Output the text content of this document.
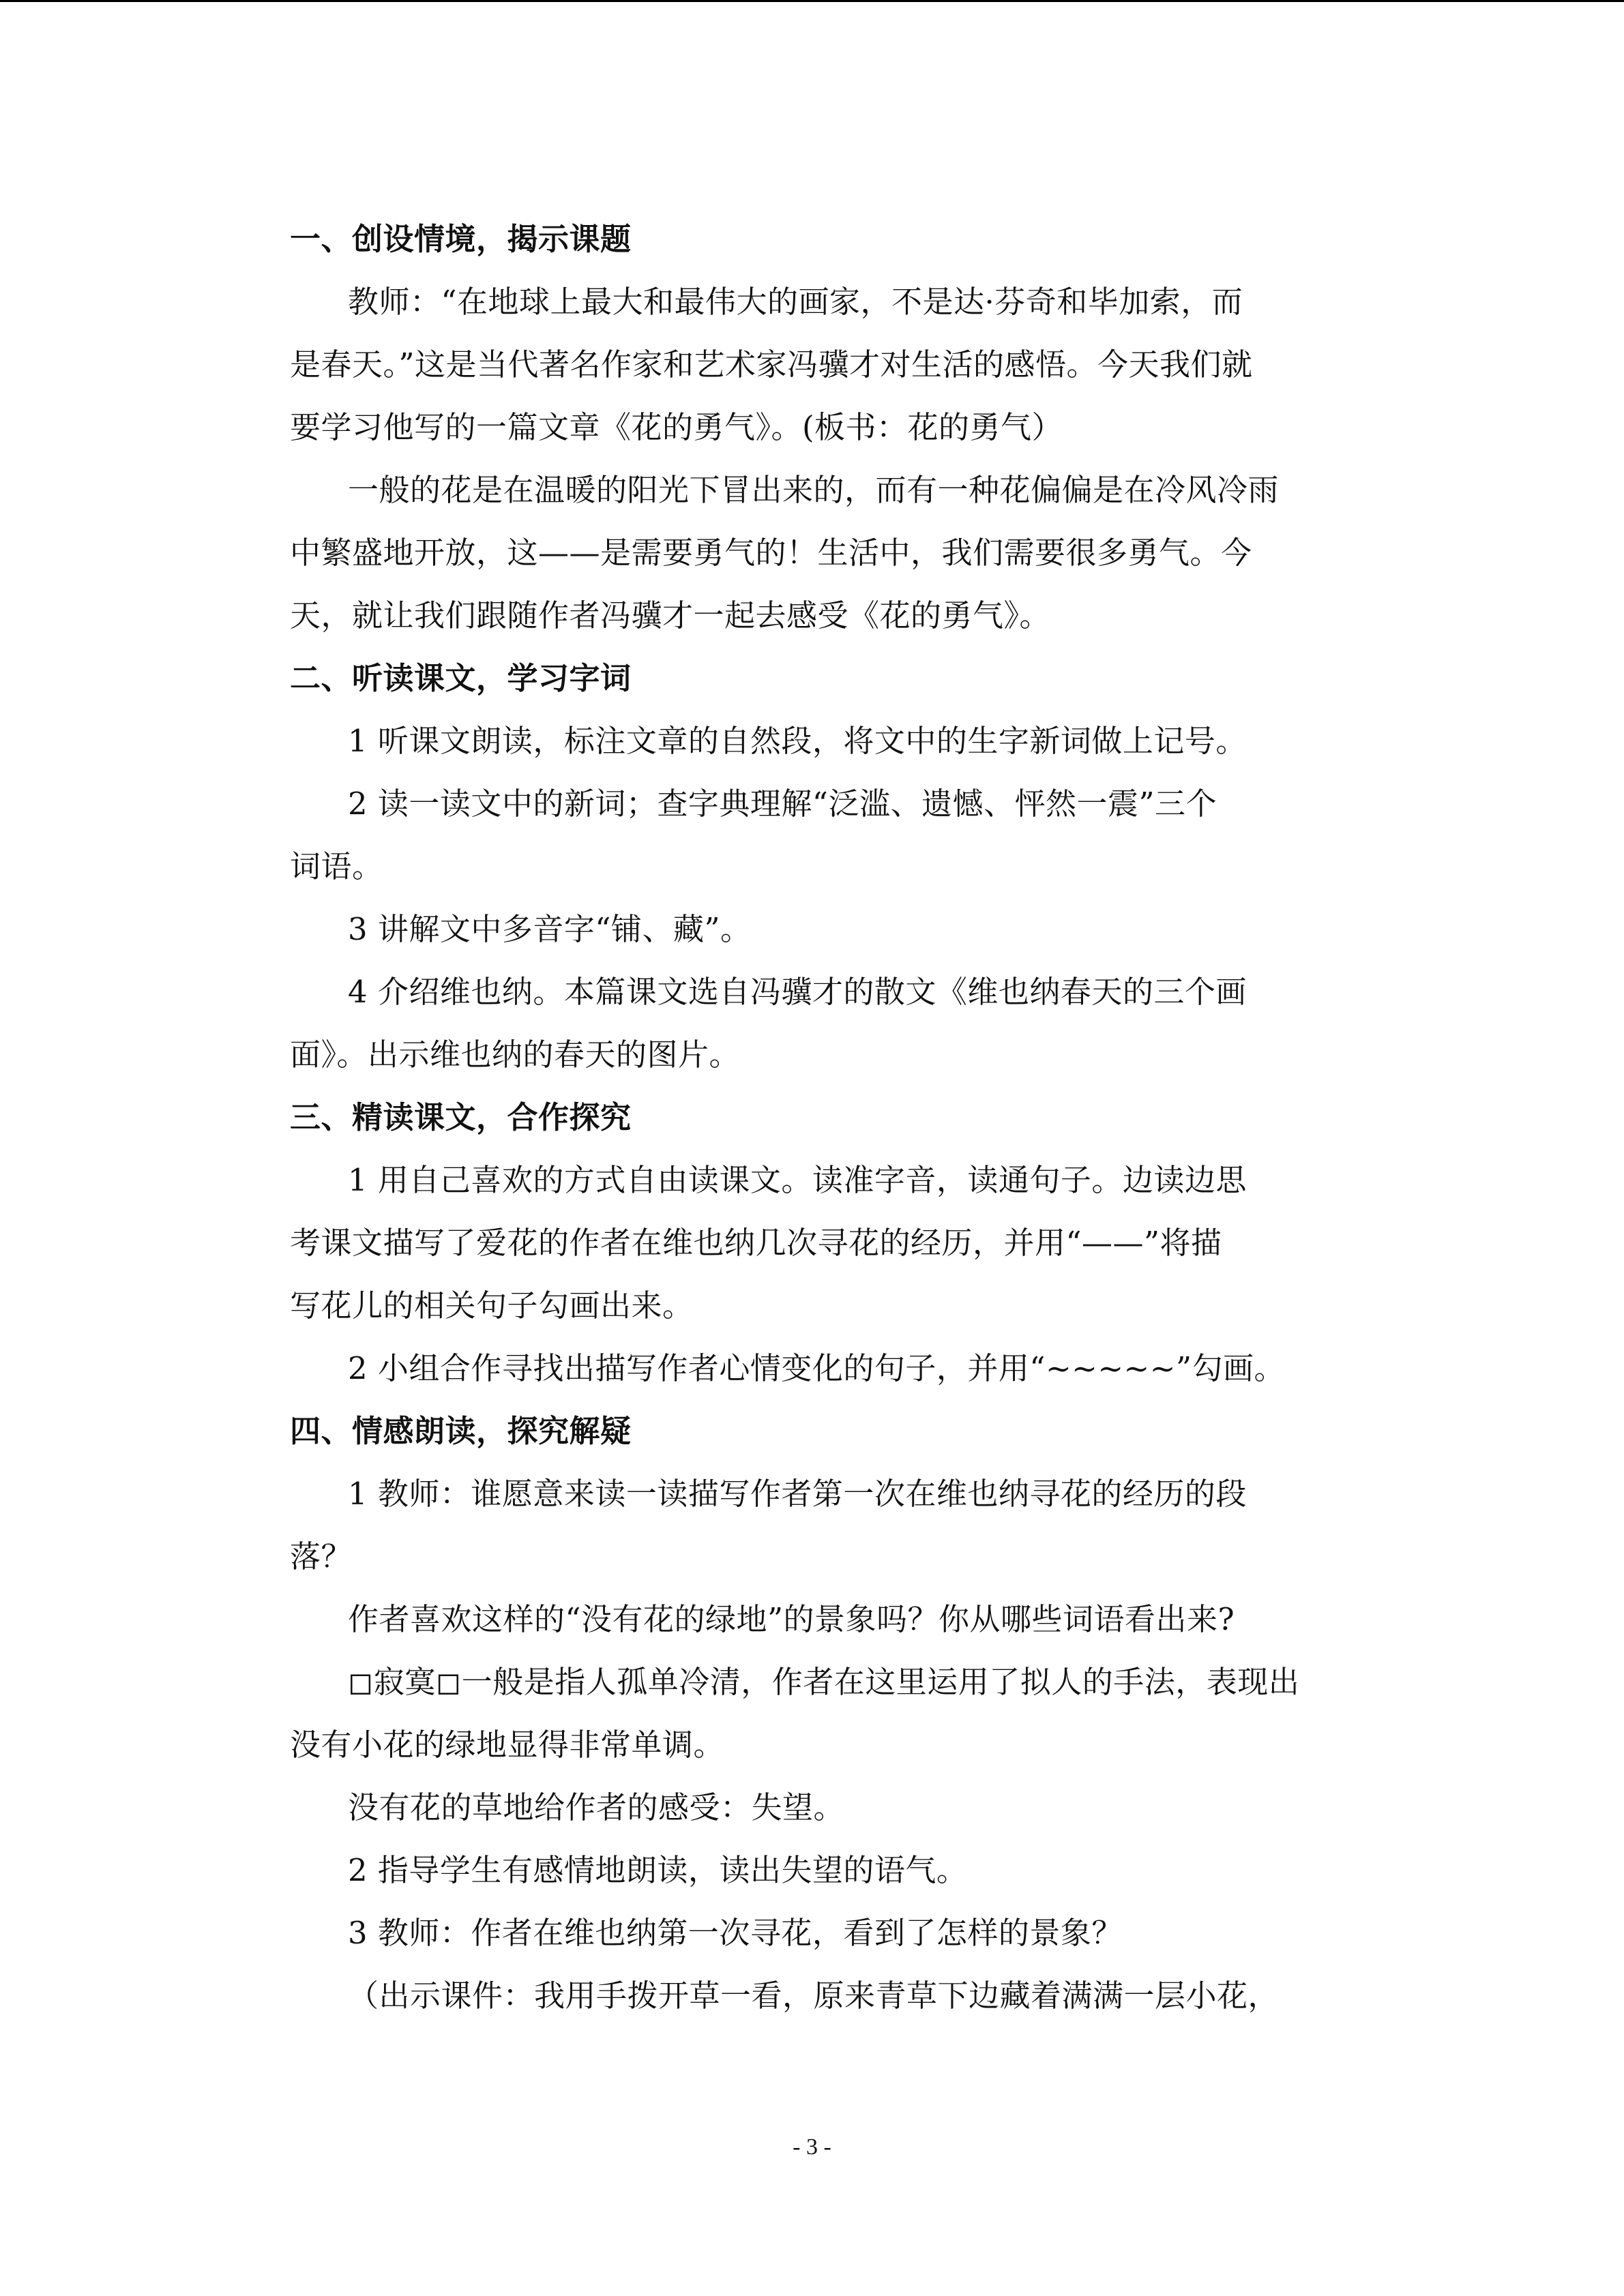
一、创设情境，揭示课题
教师：“在地球上最大和最伟大的画家，不是达·芬奇和毕加索，而
是春天。”这是当代著名作家和艺术家冯骥才对生活的感悟。今天我们就
要学习他写的一篇文章《花的勇气》。(板书：花的勇气）
一般的花是在温暖的阳光下冒出来的，而有一种花偏偏是在冷风冷雨
中繁盛地开放，这——是需要勇气的！生活中，我们需要很多勇气。今
天，就让我们跟随作者冯骥才一起去感受《花的勇气》。
二、听读课文，学习字词
1 听课文朗读，标注文章的自然段，将文中的生字新词做上记号。
2 读一读文中的新词；查字典理解“泛滥、遗憾、怦然一震”三个
词语。
3 讲解文中多音字“铺、藏”。
4 介绍维也纳。本篇课文选自冯骥才的散文《维也纳春天的三个画
面》。出示维也纳的春天的图片。
三、精读课文，合作探究
1 用自己喜欢的方式自由读课文。读准字音，读通句子。边读边思
考课文描写了爱花的作者在维也纳几次寻花的经历，并用“——”将描
写花儿的相关句子勾画出来。
2 小组合作寻找出描写作者心情变化的句子，并用“~~~~~”勾画。
四、情感朗读，探究解疑
1 教师：谁愿意来读一读描写作者第一次在维也纳寻花的经历的段
落？
作者喜欢这样的“没有花的绿地”的景象吗？你从哪些词语看出来?
◻寂寞◻一般是指人孤单冷清，作者在这里运用了拟人的手法，表现出
没有小花的绿地显得非常单调。
没有花的草地给作者的感受：失望。
2 指导学生有感情地朗读，读出失望的语气。
3 教师：作者在维也纳第一次寻花，看到了怎样的景象？
（出示课件：我用手拨开草一看，原来青草下边藏着满满一层小花，
- 3 -
